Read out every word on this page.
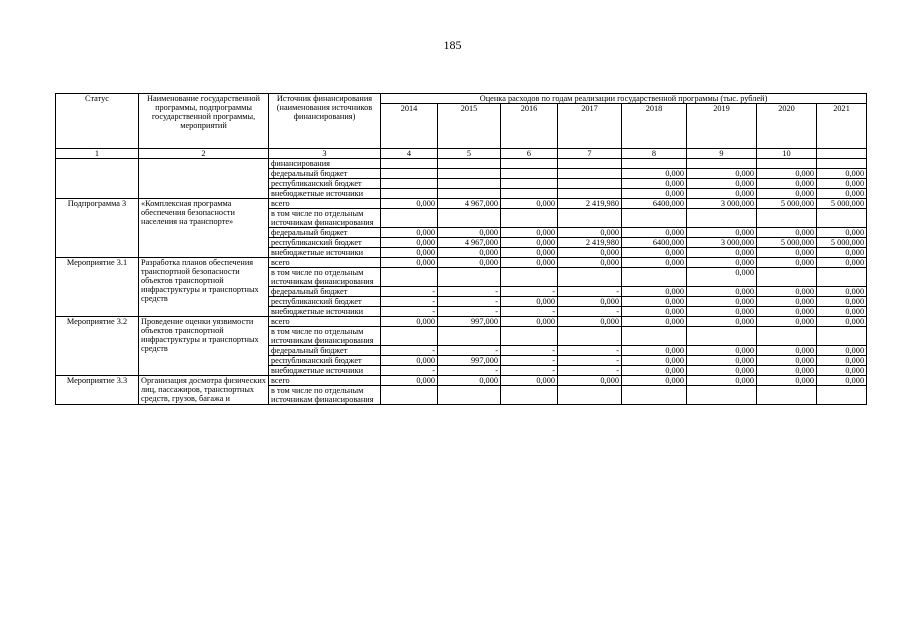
185
Статус	Наименование государственной программы, подпрограммы государственной программы, мероприятий	Источник финансирования (наименования источников финансирования)	Оценка расходов по годам реализации государственной программы (тыс. рублей)							
			2014	2015	2016	2017	2018	2019	2020	2021
1	2	3	4	5	6	7	8	9	10	
		финансирования								
		федеральный бюджет					0,000	0,000	0,000	0,000
		республиканский бюджет					0,000	0,000	0,000	0,000
		внебюджетные источники					0,000	0,000	0,000	0,000
Подпрограмма 3	«Комплексная программа обеспечения безопасности населения на транспорте»	всего	0,000	4 967,000	0,000	2 419,980	6400,000	3 000,000	5 000,000	5 000,000
		в том числе по отдельным источникам финансирования								
		федеральный бюджет	0,000	0,000	0,000	0,000	0,000	0,000	0,000	0,000
		республиканский бюджет	0,000	4 967,000	0,000	2 419,980	6400,000	3 000,000	5 000,000	5 000,000
		внебюджетные источники	0,000	0,000	0,000	0,000	0,000	0,000	0,000	0,000
Мероприятие 3.1	Разработка планов обеспечения транспортной безопасности объектов транспортной инфраструктуры и транспортных средств	всего	0,000	0,000	0,000	0,000	0,000	0,000	0,000	0,000
		в том числе по отдельным источникам финансирования						0,000		
		федеральный бюджет	-	-	-	-	0,000	0,000	0,000	0,000
		республиканский бюджет	-	-	0,000	0,000	0,000	0,000	0,000	0,000
		внебюджетные источники	-	-	-	-	0,000	0,000	0,000	0,000
Мероприятие 3.2	Проведение оценки уязвимости объектов транспортной инфраструктуры и транспортных средств	всего	0,000	997,000	0,000	0,000	0,000	0,000	0,000	0,000
		в том числе по отдельным источникам финансирования								
		федеральный бюджет	-	-	-	-	0,000	0,000	0,000	0,000
		республиканский бюджет	0,000	997,000	-	-	0,000	0,000	0,000	0,000
		внебюджетные источники	-	-	-	-	0,000	0,000	0,000	0,000
Мероприятие 3.3	Организация досмотра физических лиц, пассажиров, транспортных средств, грузов, багажа и	всего	0,000	0,000	0,000	0,000	0,000	0,000	0,000	0,000
		в том числе по отдельным источникам финансирования								
